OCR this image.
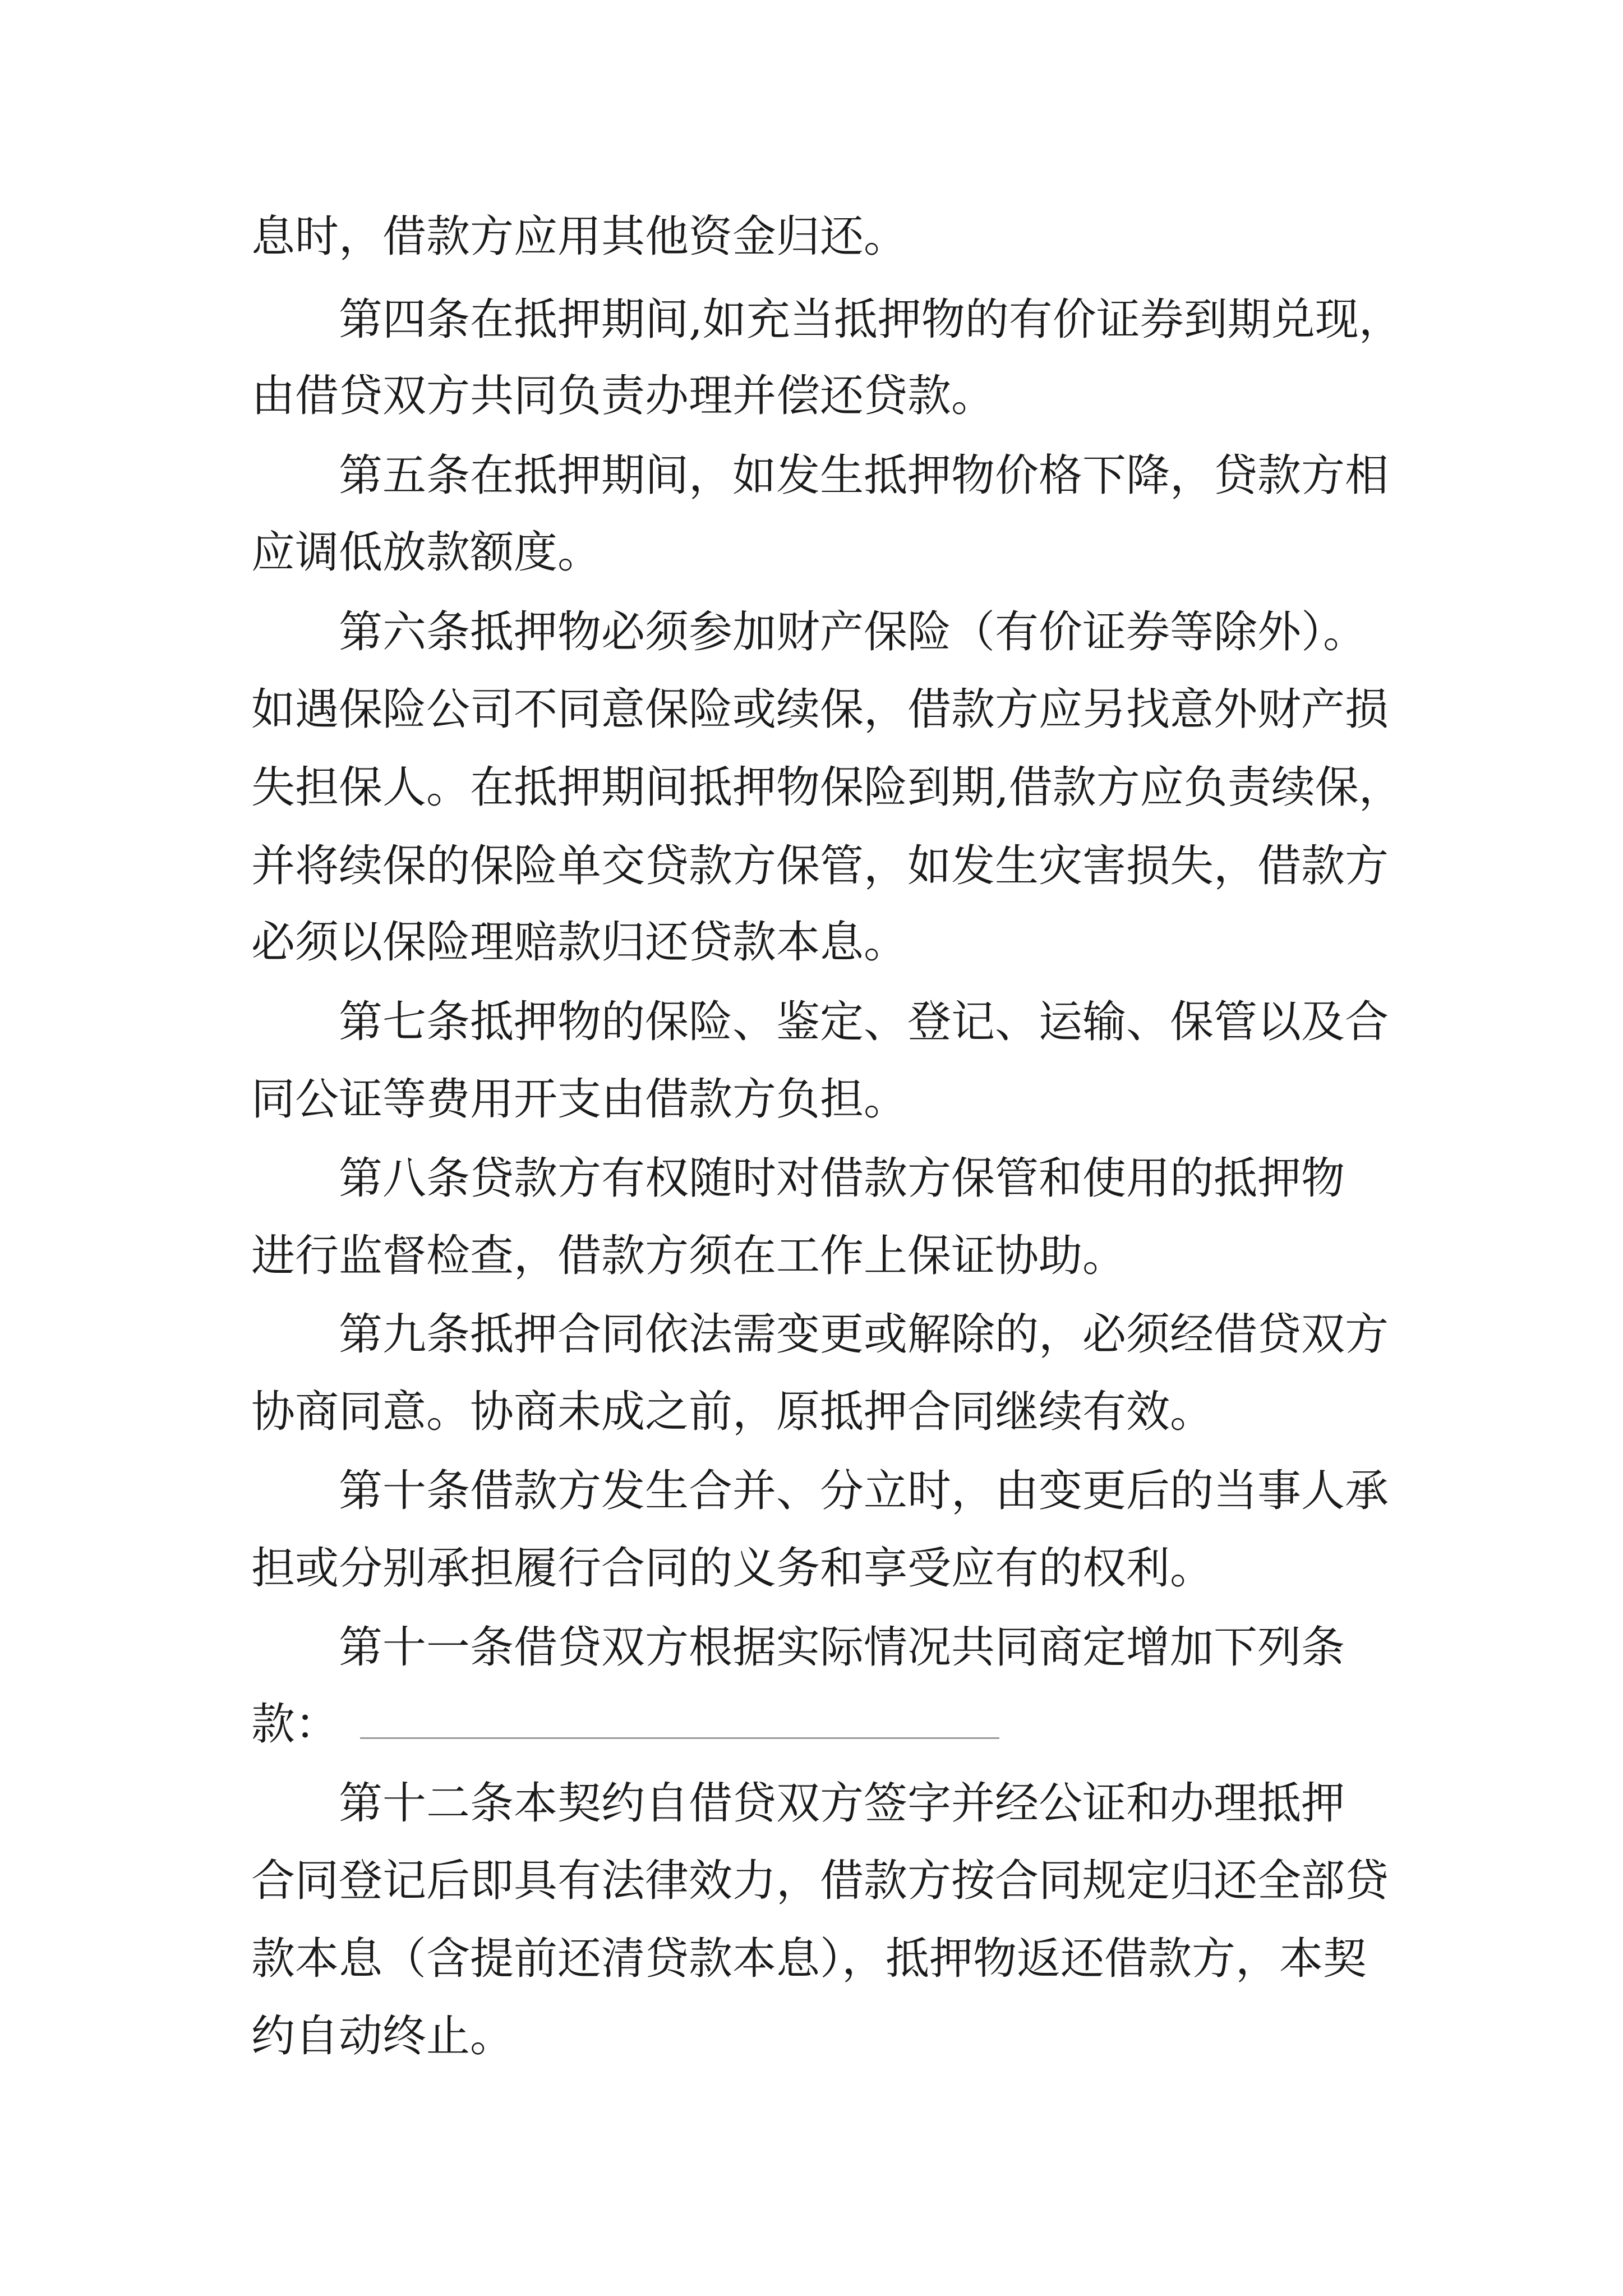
息时，借款方应用其他资金归还。
第四条在抵押期间,如充当抵押物的有价证券到期兑现，
由借贷双方共同负责办理并偿还贷款。
第五条在抵押期间，如发生抵押物价格下降，贷款方相
应调低放款额度。
第六条抵押物必须参加财产保险（有价证券等除外）。
如遇保险公司不同意保险或续保，借款方应另找意外财产损
失担保人。在抵押期间抵押物保险到期,借款方应负责续保，
并将续保的保险单交贷款方保管，如发生灾害损失，借款方
必须以保险理赔款归还贷款本息。
第七条抵押物的保险、鉴定、登记、运输、保管以及合
同公证等费用开支由借款方负担。
第八条贷款方有权随时对借款方保管和使用的抵押物
进行监督检查，借款方须在工作上保证协助。
第九条抵押合同依法需变更或解除的，必须经借贷双方
协商同意。协商未成之前，原抵押合同继续有效。
第十条借款方发生合并、分立时，由变更后的当事人承
担或分别承担履行合同的义务和享受应有的权利。
第十一条借贷双方根据实际情况共同商定增加下列条
款：
第十二条本契约自借贷双方签字并经公证和办理抵押
合同登记后即具有法律效力，借款方按合同规定归还全部贷
款本息（含提前还清贷款本息），抵押物返还借款方，本契
约自动终止。
